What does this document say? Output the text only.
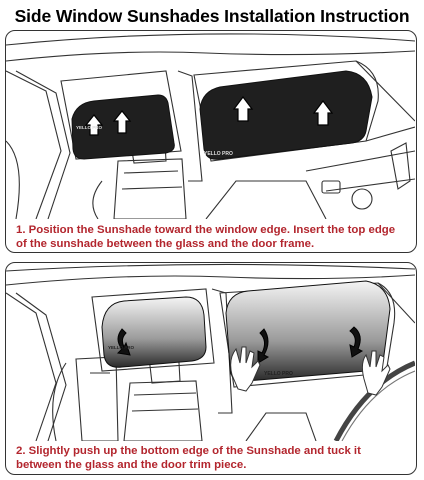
Side Window Sunshades Installation Instruction
YELLO PRO
YELLO PRO
1. Position the Sunshade toward the window edge. Insert the top edge of the sunshade between the glass and the door frame.
YELLO PRO
YELLO PRO
2. Slightly push up the bottom edge of the Sunshade and tuck it between the glass and the door trim piece.
